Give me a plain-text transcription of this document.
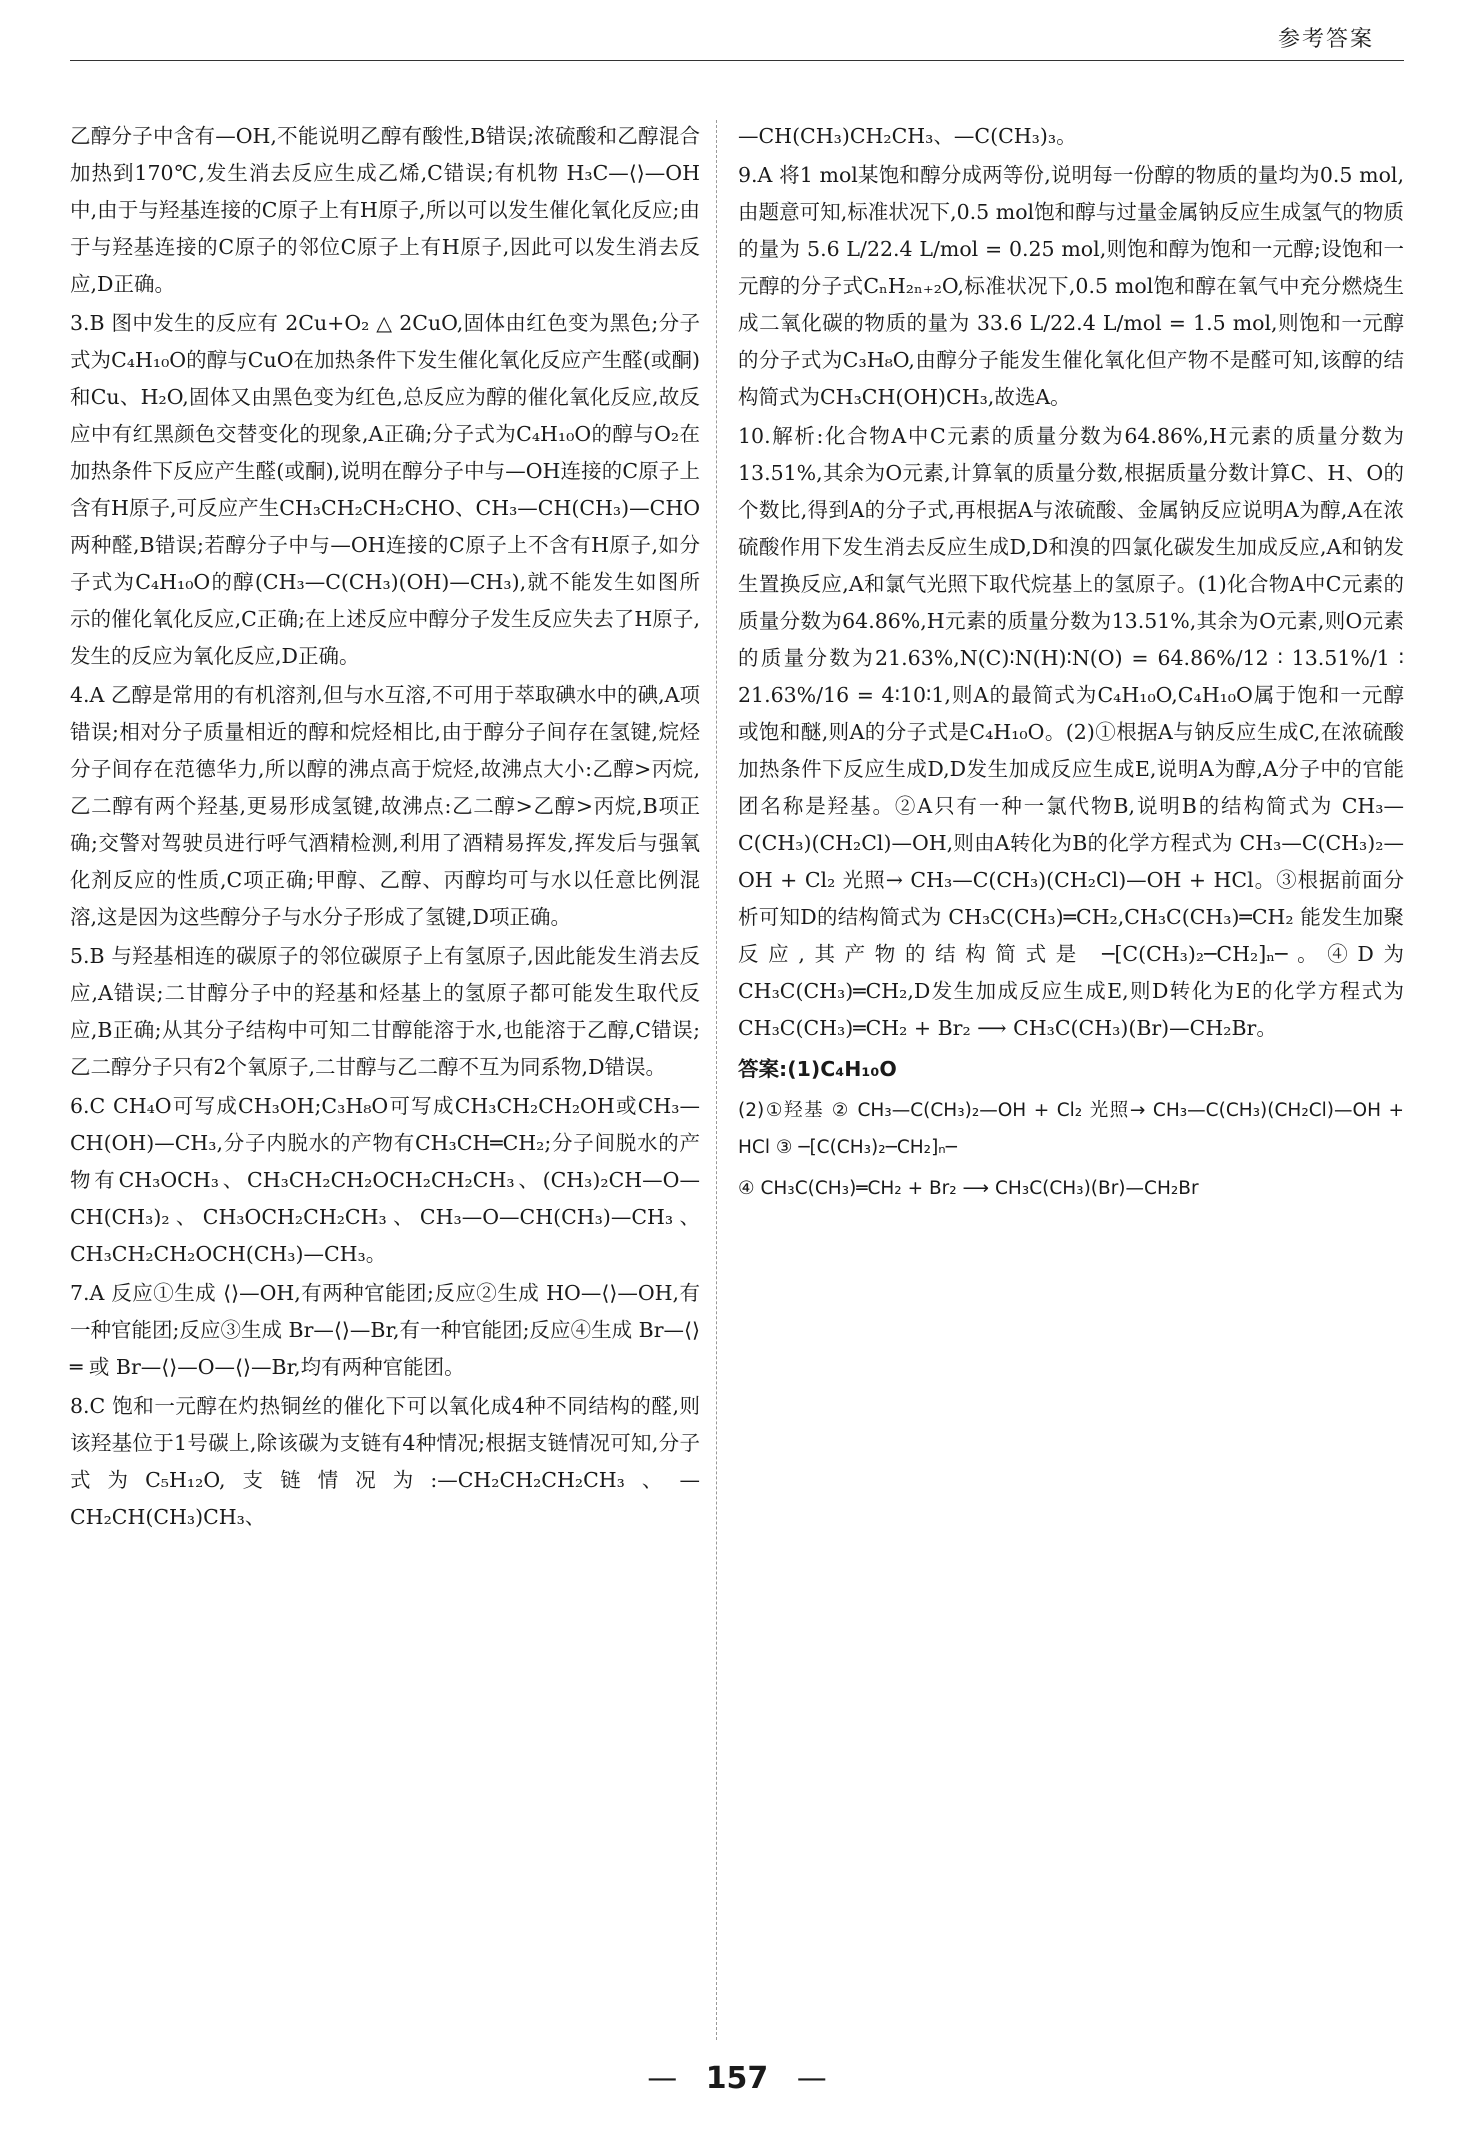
参考答案

乙醇分子中含有—OH,不能说明乙醇有酸性,B错误;浓硫酸和乙醇混合加热到170℃,发生消去反应生成乙烯,C错误;有机物 H₃C—⟨⟩—OH 中,由于与羟基连接的C原子上有H原子,所以可以发生催化氧化反应;由于与羟基连接的C原子的邻位C原子上有H原子,因此可以发生消去反应,D正确。

3.B 图中发生的反应有 2Cu+O₂ △ 2CuO,固体由红色变为黑色;分子式为C₄H₁₀O的醇与CuO在加热条件下发生催化氧化反应产生醛(或酮)和Cu、H₂O,固体又由黑色变为红色,总反应为醇的催化氧化反应,故反应中有红黑颜色交替变化的现象,A正确;分子式为C₄H₁₀O的醇与O₂在加热条件下反应产生醛(或酮),说明在醇分子中与—OH连接的C原子上含有H原子,可反应产生CH₃CH₂CH₂CHO、CH₃—CH(CH₃)—CHO两种醛,B错误;若醇分子中与—OH连接的C原子上不含有H原子,如分子式为C₄H₁₀O的醇(CH₃—C(CH₃)(OH)—CH₃),就不能发生如图所示的催化氧化反应,C正确;在上述反应中醇分子发生反应失去了H原子,发生的反应为氧化反应,D正确。

4.A 乙醇是常用的有机溶剂,但与水互溶,不可用于萃取碘水中的碘,A项错误;相对分子质量相近的醇和烷烃相比,由于醇分子间存在氢键,烷烃分子间存在范德华力,所以醇的沸点高于烷烃,故沸点大小:乙醇>丙烷,乙二醇有两个羟基,更易形成氢键,故沸点:乙二醇>乙醇>丙烷,B项正确;交警对驾驶员进行呼气酒精检测,利用了酒精易挥发,挥发后与强氧化剂反应的性质,C项正确;甲醇、乙醇、丙醇均可与水以任意比例混溶,这是因为这些醇分子与水分子形成了氢键,D项正确。

5.B 与羟基相连的碳原子的邻位碳原子上有氢原子,因此能发生消去反应,A错误;二甘醇分子中的羟基和烃基上的氢原子都可能发生取代反应,B正确;从其分子结构中可知二甘醇能溶于水,也能溶于乙醇,C错误;乙二醇分子只有2个氧原子,二甘醇与乙二醇不互为同系物,D错误。

6.C CH₄O可写成CH₃OH;C₃H₈O可写成CH₃CH₂CH₂OH或CH₃—CH(OH)—CH₃,分子内脱水的产物有CH₃CH═CH₂;分子间脱水的产物有CH₃OCH₃、CH₃CH₂CH₂OCH₂CH₂CH₃、(CH₃)₂CH—O—CH(CH₃)₂、CH₃OCH₂CH₂CH₃、CH₃—O—CH(CH₃)—CH₃、CH₃CH₂CH₂OCH(CH₃)—CH₃。

7.A 反应①生成 ⟨⟩—OH,有两种官能团;反应②生成 HO—⟨⟩—OH,有一种官能团;反应③生成 Br—⟨⟩—Br,有一种官能团;反应④生成 Br—⟨⟩═ 或 Br—⟨⟩—O—⟨⟩—Br,均有两种官能团。

8.C 饱和一元醇在灼热铜丝的催化下可以氧化成4种不同结构的醛,则该羟基位于1号碳上,除该碳为支链有4种情况;根据支链情况可知,分子式为C₅H₁₂O,支链情况为:—CH₂CH₂CH₂CH₃、—CH₂CH(CH₃)CH₃、

—CH(CH₃)CH₂CH₃、—C(CH₃)₃。

9.A 将1 mol某饱和醇分成两等份,说明每一份醇的物质的量均为0.5 mol,由题意可知,标准状况下,0.5 mol饱和醇与过量金属钠反应生成氢气的物质的量为 5.6 L/22.4 L/mol = 0.25 mol,则饱和醇为饱和一元醇;设饱和一元醇的分子式CₙH₂ₙ₊₂O,标准状况下,0.5 mol饱和醇在氧气中充分燃烧生成二氧化碳的物质的量为 33.6 L/22.4 L/mol = 1.5 mol,则饱和一元醇的分子式为C₃H₈O,由醇分子能发生催化氧化但产物不是醛可知,该醇的结构简式为CH₃CH(OH)CH₃,故选A。

10.解析:化合物A中C元素的质量分数为64.86%,H元素的质量分数为13.51%,其余为O元素,计算氧的质量分数,根据质量分数计算C、H、O的个数比,得到A的分子式,再根据A与浓硫酸、金属钠反应说明A为醇,A在浓硫酸作用下发生消去反应生成D,D和溴的四氯化碳发生加成反应,A和钠发生置换反应,A和氯气光照下取代烷基上的氢原子。(1)化合物A中C元素的质量分数为64.86%,H元素的质量分数为13.51%,其余为O元素,则O元素的质量分数为21.63%,N(C)∶N(H)∶N(O) = 64.86%/12 ∶ 13.51%/1 ∶ 21.63%/16 = 4∶10∶1,则A的最简式为C₄H₁₀O,C₄H₁₀O属于饱和一元醇或饱和醚,则A的分子式是C₄H₁₀O。(2)①根据A与钠反应生成C,在浓硫酸加热条件下反应生成D,D发生加成反应生成E,说明A为醇,A分子中的官能团名称是羟基。②A只有一种一氯代物B,说明B的结构简式为 CH₃—C(CH₃)(CH₂Cl)—OH,则由A转化为B的化学方程式为 CH₃—C(CH₃)₂—OH + Cl₂ 光照→ CH₃—C(CH₃)(CH₂Cl)—OH + HCl。③根据前面分析可知D的结构简式为 CH₃C(CH₃)═CH₂,CH₃C(CH₃)═CH₂ 能发生加聚反应,其产物的结构简式是 ─[C(CH₃)₂─CH₂]ₙ─。④D为 CH₃C(CH₃)═CH₂,D发生加成反应生成E,则D转化为E的化学方程式为 CH₃C(CH₃)═CH₂ + Br₂ ⟶ CH₃C(CH₃)(Br)—CH₂Br。

答案:(1)C₄H₁₀O

(2)①羟基 ② CH₃—C(CH₃)₂—OH + Cl₂ 光照→ CH₃—C(CH₃)(CH₂Cl)—OH + HCl ③ ─[C(CH₃)₂─CH₂]ₙ─

④ CH₃C(CH₃)═CH₂ + Br₂ ⟶ CH₃C(CH₃)(Br)—CH₂Br

— 157 —
